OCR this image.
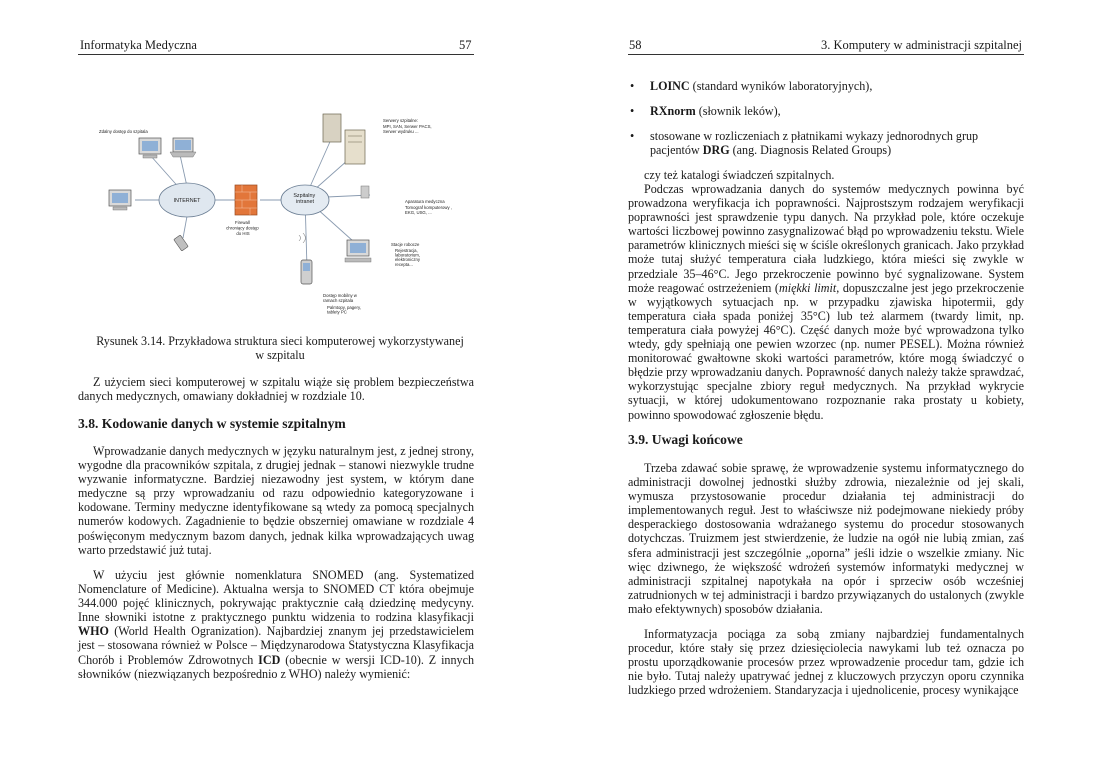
Informatyka Medyczna	57
INTERNET
Szpitalny intranet
Firewall chroniący dostęp do HIS
Zdalny dostęp do szpitala
Serwery szpitalne:
MPI, SAN, Serwer PACS, Serwer wydruku ...
Aparatura medyczna
Tomograf komputerowy , EKG, USG, ...
Stacje robocze
Rejestracja, laboratorium, elektroniczny recepta...
Dostęp mobilny w ramach szpitala
Palmtopy, pagery, tablety PC

Rysunek 3.14. Przykładowa struktura sieci komputerowej wykorzystywanej
w szpitalu

Z użyciem sieci komputerowej w szpitalu wiąże się problem bezpieczeństwa danych medycznych, omawiany dokładniej w rozdziale 10.

3.8. Kodowanie danych w systemie szpitalnym

Wprowadzanie danych medycznych w języku naturalnym jest, z jednej strony, wygodne dla pracowników szpitala, z drugiej jednak – stanowi niezwykle trudne wyzwanie informatyczne. Bardziej niezawodny jest system, w którym dane medyczne są przy wprowadzaniu od razu odpowiednio kategoryzowane i kodowane. Terminy medyczne identyfikowane są wtedy za pomocą specjalnych numerów kodowych. Zagadnienie to będzie obszerniej omawiane w rozdziale 4 poświęconym medycznym bazom danych, jednak kilka wprowadzających uwag warto przedstawić już tutaj.

W użyciu jest głównie nomenklatura SNOMED (ang. Systematized Nomenclature of Medicine). Aktualna wersja to SNOMED CT która obejmuje 344.000 pojęć klinicznych, pokrywając praktycznie całą dziedzinę medycyny. Inne słowniki istotne z praktycznego punktu widzenia to rodzina klasyfikacji WHO (World Health Ogranization). Najbardziej znanym jej przedstawicielem jest – stosowana również w Polsce – Międzynarodowa Statystyczna Klasyfikacja Chorób i Problemów Zdrowotnych ICD (obecnie w wersji ICD-10). Z innych słowników (niezwiązanych bezpośrednio z WHO) należy wymienić:

58	3. Komputery w administracji szpitalnej
• LOINC (standard wyników laboratoryjnych),
• RXnorm (słownik leków),
• stosowane w rozliczeniach z płatnikami wykazy jednorodnych grup pacjentów DRG (ang. Diagnosis Related Groups)

czy też katalogi świadczeń szpitalnych.

Podczas wprowadzania danych do systemów medycznych powinna być prowadzona weryfikacja ich poprawności. Najprostszym rodzajem weryfikacji poprawności jest sprawdzenie typu danych. Na przykład pole, które oczekuje wartości liczbowej powinno zasygnalizować błąd po wprowadzeniu tekstu. Wiele parametrów klinicznych mieści się w ściśle określonych granicach. Jako przykład może tutaj służyć temperatura ciała ludzkiego, która mieści się zwykle w przedziale 35–46°C. Jego przekroczenie powinno być sygnalizowane. System może reagować ostrzeżeniem (miękki limit, dopuszczalne jest jego przekroczenie w wyjątkowych sytuacjach np. w przypadku zjawiska hipotermii, gdy temperatura ciała spada poniżej 35°C) lub też alarmem (twardy limit, np. temperatura ciała powyżej 46°C). Część danych może być wprowadzona tylko wtedy, gdy spełniają one pewien wzorzec (np. numer PESEL). Można również monitorować gwałtowne skoki wartości parametrów, które mogą świadczyć o błędzie przy wprowadzaniu danych. Poprawność danych należy także sprawdzać, wykorzystując specjalne zbiory reguł medycznych. Na przykład wykrycie sytuacji, w której udokumentowano rozpoznanie raka prostaty u kobiety, powinno spowodować zgłoszenie błędu.

3.9. Uwagi końcowe

Trzeba zdawać sobie sprawę, że wprowadzenie systemu informatycznego do administracji dowolnej jednostki służby zdrowia, niezależnie od jej skali, wymusza przystosowanie procedur działania tej administracji do implementowanych reguł. Jest to właściwsze niż podejmowane niekiedy próby desperackiego dostosowania wdrażanego systemu do procedur stosowanych dotychczas. Truizmem jest stwierdzenie, że ludzie na ogół nie lubią zmian, zaś sfera administracji jest szczególnie „oporna” jeśli idzie o wszelkie zmiany. Nic więc dziwnego, że większość wdrożeń systemów informatyki medycznej w administracji szpitalnej napotykała na opór i sprzeciw osób wcześniej zatrudnionych w tej administracji i bardzo przywiązanych do ustalonych (zwykle mało efektywnych) sposobów działania.

Informatyzacja pociąga za sobą zmiany najbardziej fundamentalnych procedur, które stały się przez dziesięciolecia nawykami lub też oznacza po prostu uporządkowanie procesów przez wprowadzenie procedur tam, gdzie ich nie było. Tutaj należy upatrywać jednej z kluczowych przyczyn oporu czynnika ludzkiego przed wdrożeniem. Standaryzacja i ujednolicenie, procesy wynikające
